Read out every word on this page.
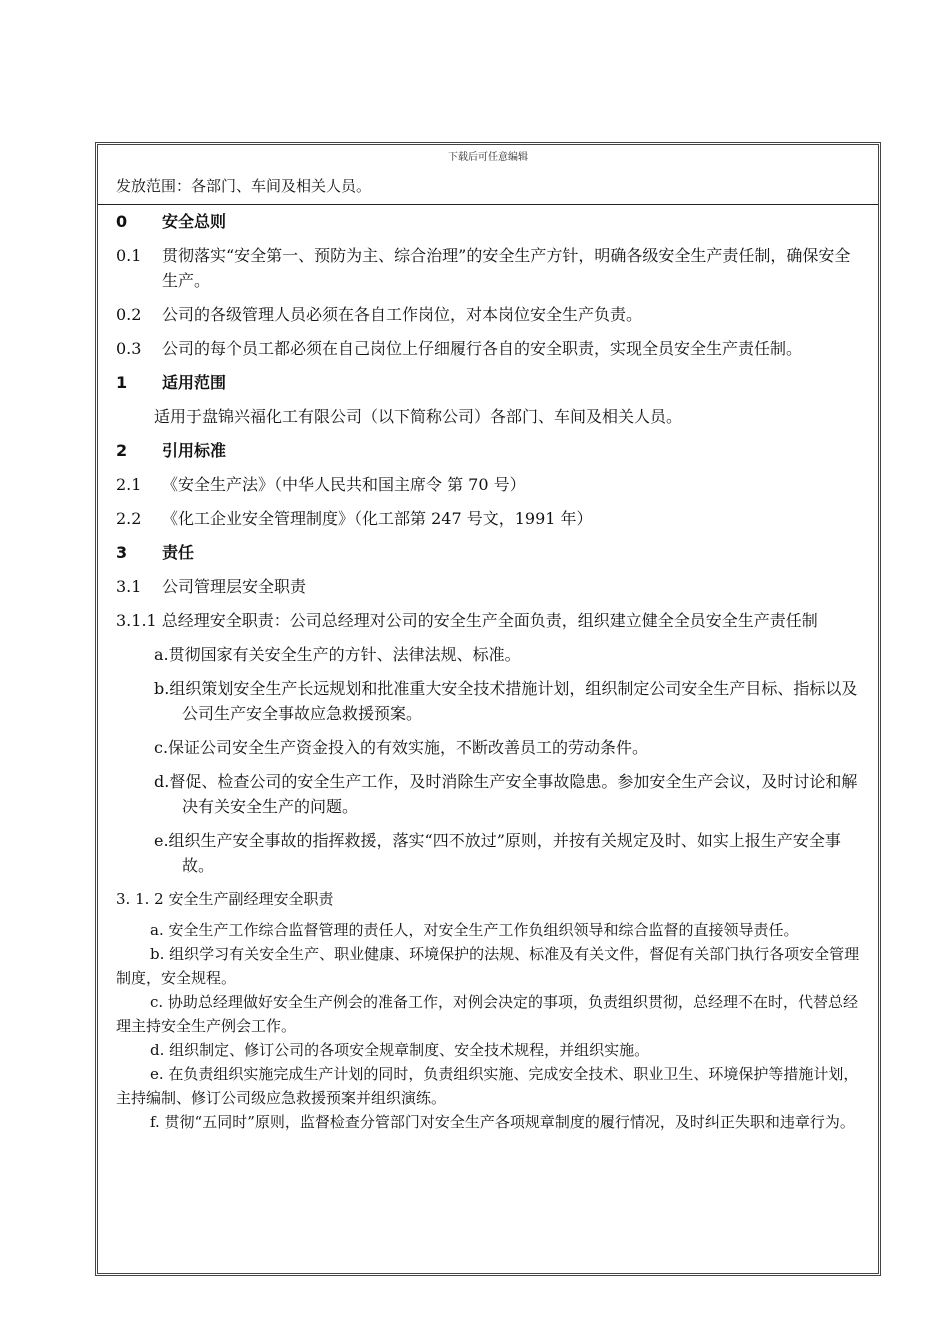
下载后可任意编辑
发放范围：各部门、车间及相关人员。
0	安全总则
0.1	贯彻落实“安全第一、预防为主、综合治理”的安全生产方针，明确各级安全生产责任制，确保安全生产。
0.2	公司的各级管理人员必须在各自工作岗位，对本岗位安全生产负责。
0.3	公司的每个员工都必须在自己岗位上仔细履行各自的安全职责，实现全员安全生产责任制。
1	适用范围
适用于盘锦兴福化工有限公司（以下简称公司）各部门、车间及相关人员。
2	引用标准
2.1	《安全生产法》（中华人民共和国主席令 第 70 号）
2.2	《化工企业安全管理制度》（化工部第 247 号文，1991 年）
3	责任
3.1	公司管理层安全职责
3.1.1 总经理安全职责：公司总经理对公司的安全生产全面负责，组织建立健全全员安全生产责任制
a.贯彻国家有关安全生产的方针、法律法规、标准。
b.组织策划安全生产长远规划和批准重大安全技术措施计划，组织制定公司安全生产目标、指标以及公司生产安全事故应急救援预案。
c.保证公司安全生产资金投入的有效实施，不断改善员工的劳动条件。
d.督促、检查公司的安全生产工作，及时消除生产安全事故隐患。参加安全生产会议，及时讨论和解决有关安全生产的问题。
e.组织生产安全事故的指挥救援，落实“四不放过”原则，并按有关规定及时、如实上报生产安全事故。
3. 1. 2 安全生产副经理安全职责
a. 安全生产工作综合监督管理的责任人，对安全生产工作负组织领导和综合监督的直接领导责任。
b. 组织学习有关安全生产、职业健康、环境保护的法规、标准及有关文件，督促有关部门执行各项安全管理制度，安全规程。
c. 协助总经理做好安全生产例会的准备工作，对例会决定的事项，负责组织贯彻，总经理不在时，代替总经理主持安全生产例会工作。
d. 组织制定、修订公司的各项安全规章制度、安全技术规程，并组织实施。
e. 在负责组织实施完成生产计划的同时，负责组织实施、完成安全技术、职业卫生、环境保护等措施计划，主持编制、修订公司级应急救援预案并组织演练。
f. 贯彻“五同时”原则，监督检查分管部门对安全生产各项规章制度的履行情况，及时纠正失职和违章行为。
